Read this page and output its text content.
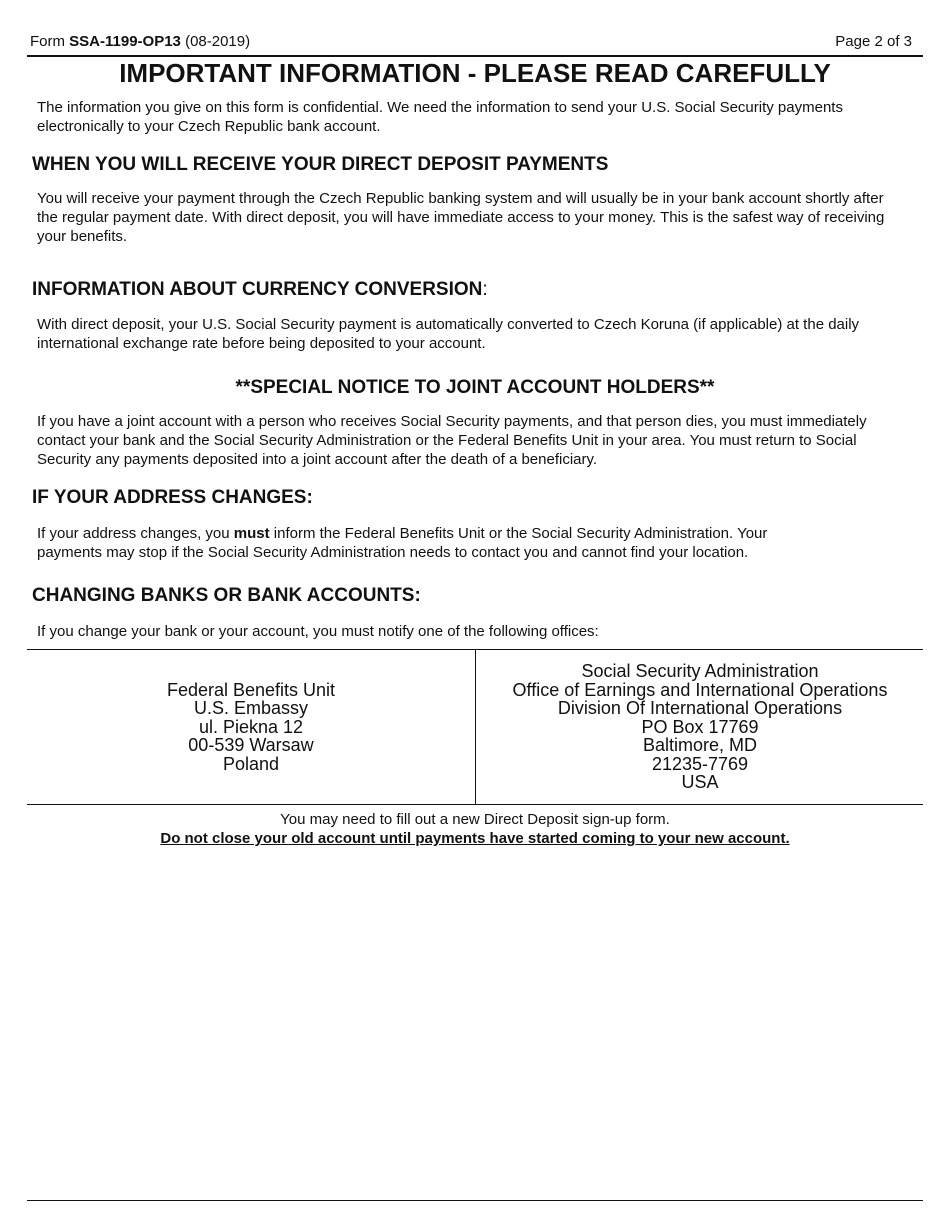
Form SSA-1199-OP13 (08-2019)	Page 2 of 3
IMPORTANT INFORMATION - PLEASE READ CAREFULLY

The information you give on this form is confidential. We need the information to send your U.S. Social Security payments electronically to your Czech Republic bank account.

WHEN YOU WILL RECEIVE YOUR DIRECT DEPOSIT PAYMENTS

You will receive your payment through the Czech Republic banking system and will usually be in your bank account shortly after the regular payment date. With direct deposit, you will have immediate access to your money. This is the safest way of receiving your benefits.

INFORMATION ABOUT CURRENCY CONVERSION:

With direct deposit, your U.S. Social Security payment is automatically converted to Czech Koruna (if applicable) at the daily international exchange rate before being deposited to your account.

**SPECIAL NOTICE TO JOINT ACCOUNT HOLDERS**

If you have a joint account with a person who receives Social Security payments, and that person dies, you must immediately contact your bank and the Social Security Administration or the Federal Benefits Unit in your area. You must return to Social Security any payments deposited into a joint account after the death of a beneficiary.

IF YOUR ADDRESS CHANGES:

If your address changes, you must inform the Federal Benefits Unit or the Social Security Administration. Your payments may stop if the Social Security Administration needs to contact you and cannot find your location.

CHANGING BANKS OR BANK ACCOUNTS:

If you change your bank or your account, you must notify one of the following offices:

Federal Benefits Unit
U.S. Embassy
ul. Piekna 12
00-539 Warsaw
Poland
Social Security Administration
Office of Earnings and International Operations
Division Of International Operations
PO Box 17769
Baltimore, MD
21235-7769
USA

You may need to fill out a new Direct Deposit sign-up form.

Do not close your old account until payments have started coming to your new account.
